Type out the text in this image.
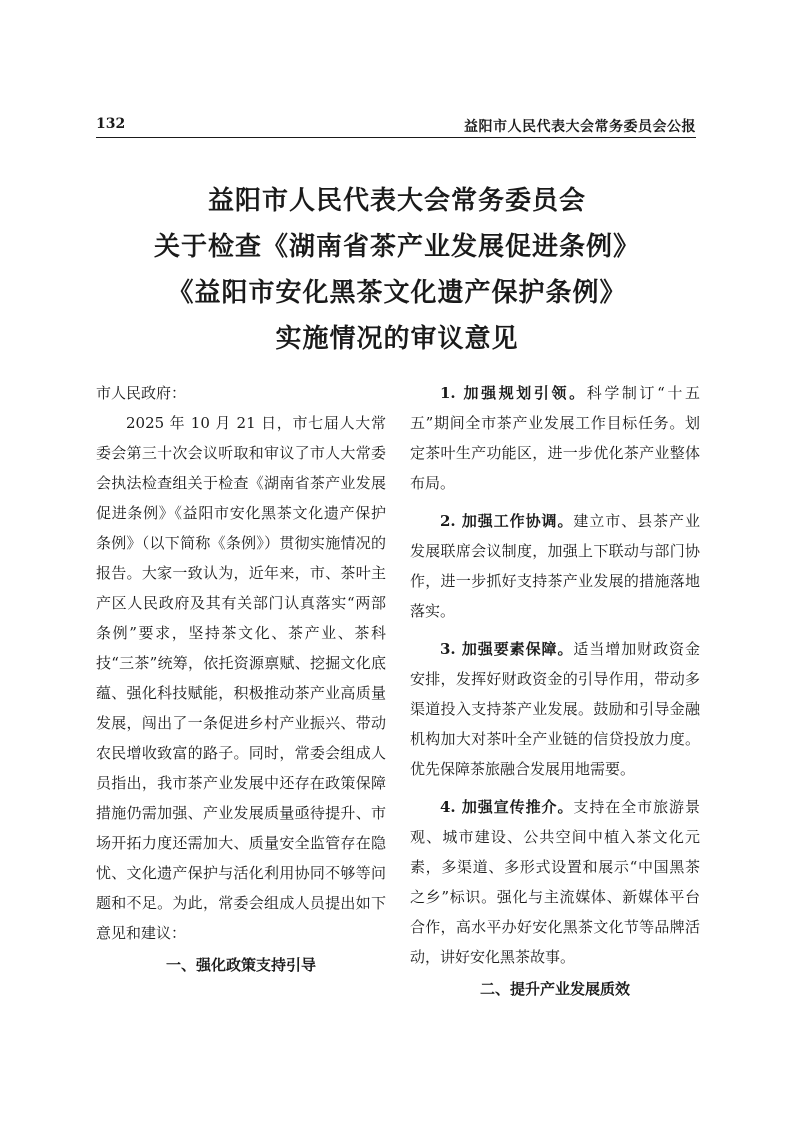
132	益阳市人民代表大会常务委员会公报
益阳市人民代表大会常务委员会
关于检查《湖南省茶产业发展促进条例》
《益阳市安化黑茶文化遗产保护条例》
实施情况的审议意见

市人民政府：

2025 年 10 月 21 日，市七届人大常委会第三十次会议听取和审议了市人大常委会执法检查组关于检查《湖南省茶产业发展促进条例》《益阳市安化黑茶文化遗产保护条例》（以下简称《条例》）贯彻实施情况的报告。大家一致认为，近年来，市、茶叶主产区人民政府及其有关部门认真落实“两部条例”要求，坚持茶文化、茶产业、茶科技“三茶”统筹，依托资源禀赋、挖掘文化底蕴、强化科技赋能，积极推动茶产业高质量发展，闯出了一条促进乡村产业振兴、带动农民增收致富的路子。同时，常委会组成人员指出，我市茶产业发展中还存在政策保障措施仍需加强、产业发展质量亟待提升、市场开拓力度还需加大、质量安全监管存在隐忧、文化遗产保护与活化利用协同不够等问题和不足。为此，常委会组成人员提出如下意见和建议：

一、强化政策支持引导

1. 加强规划引领。科学制订“十五五”期间全市茶产业发展工作目标任务。划定茶叶生产功能区，进一步优化茶产业整体布局。

2. 加强工作协调。建立市、县茶产业发展联席会议制度，加强上下联动与部门协作，进一步抓好支持茶产业发展的措施落地落实。

3. 加强要素保障。适当增加财政资金安排，发挥好财政资金的引导作用，带动多渠道投入支持茶产业发展。鼓励和引导金融机构加大对茶叶全产业链的信贷投放力度。优先保障茶旅融合发展用地需要。

4. 加强宣传推介。支持在全市旅游景观、城市建设、公共空间中植入茶文化元素，多渠道、多形式设置和展示“中国黑茶之乡”标识。强化与主流媒体、新媒体平台合作，高水平办好安化黑茶文化节等品牌活动，讲好安化黑茶故事。

二、提升产业发展质效
